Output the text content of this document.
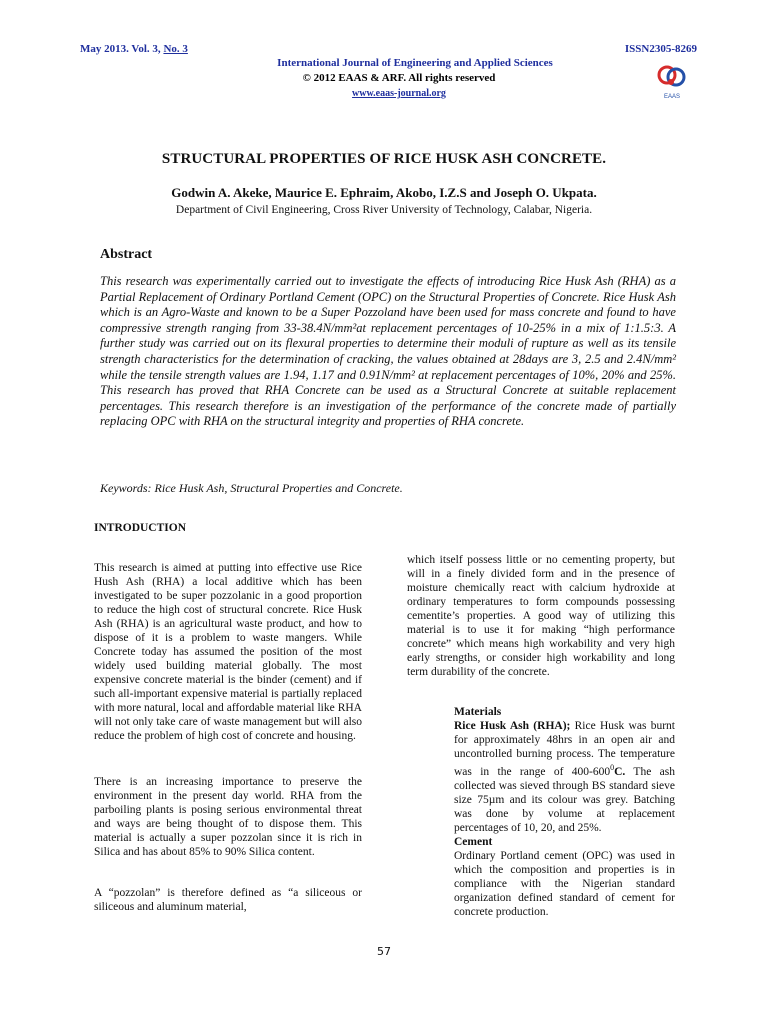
May 2013. Vol. 3, No. 3	ISSN2305-8269
International Journal of Engineering and Applied Sciences
© 2012 EAAS & ARF. All rights reserved
www.eaas-journal.org	EAAS
STRUCTURAL PROPERTIES OF RICE HUSK ASH CONCRETE.
Godwin A. Akeke, Maurice E. Ephraim, Akobo, I.Z.S and Joseph O. Ukpata.
Department of Civil Engineering, Cross River University of Technology, Calabar, Nigeria.
Abstract
This research was experimentally carried out to investigate the effects of introducing Rice Husk Ash (RHA) as a Partial Replacement of Ordinary Portland Cement (OPC) on the Structural Properties of Concrete. Rice Husk Ash which is an Agro-Waste and known to be a Super Pozzoland have been used for mass concrete and found to have compressive strength ranging from 33-38.4N/mm²at replacement percentages of 10-25% in a mix of 1:1.5:3. A further study was carried out on its flexural properties to determine their moduli of rupture as well as its tensile strength characteristics for the determination of cracking, the values obtained at 28days are 3, 2.5 and 2.4N/mm² while the tensile strength values are 1.94, 1.17 and 0.91N/mm² at replacement percentages of 10%, 20% and 25%. This research has proved that RHA Concrete can be used as a Structural Concrete at suitable replacement percentages. This research therefore is an investigation of the performance of the concrete made of partially replacing OPC with RHA on the structural integrity and properties of RHA concrete.
Keywords: Rice Husk Ash, Structural Properties and Concrete.
INTRODUCTION

This research is aimed at putting into effective use Rice Hush Ash (RHA) a local additive which has been investigated to be super pozzolanic in a good proportion to reduce the high cost of structural concrete. Rice Husk Ash (RHA) is an agricultural waste product, and how to dispose of it is a problem to waste mangers. While Concrete today has assumed the position of the most widely used building material globally. The most expensive concrete material is the binder (cement) and if such all-important expensive material is partially replaced with more natural, local and affordable material like RHA will not only take care of waste management but will also reduce the problem of high cost of concrete and housing.

There is an increasing importance to preserve the environment in the present day world. RHA from the parboiling plants is posing serious environmental threat and ways are being thought of to dispose them. This material is actually a super pozzolan since it is rich in Silica and has about 85% to 90% Silica content.

A “pozzolan” is therefore defined as “a siliceous or siliceous and aluminum material,

which itself possess little or no cementing property, but will in a finely divided form and in the presence of moisture chemically react with calcium hydroxide at ordinary temperatures to form compounds possessing cementite’s properties. A good way of utilizing this material is to use it for making “high performance concrete” which means high workability and very high early strengths, or consider high workability and long term durability of the concrete.

Materials

Rice Husk Ash (RHA); Rice Husk was burnt for approximately 48hrs in an open air and uncontrolled burning process. The temperature was in the range of $400-600^0C$. The ash collected was sieved through BS standard sieve size 75µm and its colour was grey. Batching was done by volume at replacement percentages of 10, 20, and 25%.

Cement

Ordinary Portland cement (OPC) was used in which the composition and properties is in compliance with the Nigerian standard organization defined standard of cement for concrete production.

57
